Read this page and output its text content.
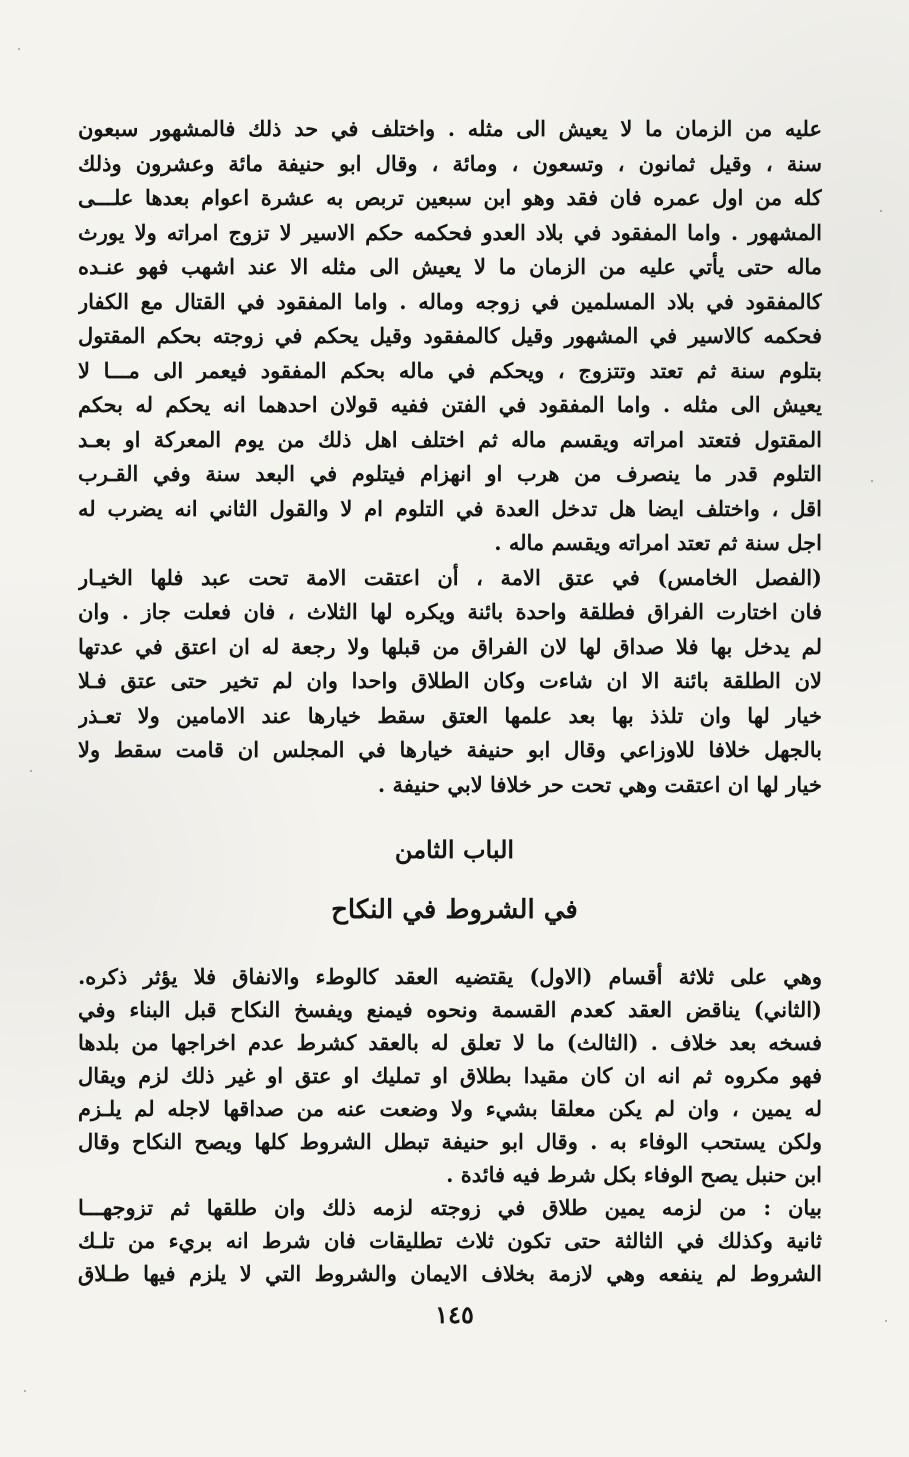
عليه من الزمان ما لا يعيش الى مثله . واختلف في حد ذلك فالمشهور سبعون
سنة ، وقيل ثمانون ، وتسعون ، ومائة ، وقال ابو حنيفة مائة وعشرون وذلك
كله من اول عمره فان فقد وهو ابن سبعين تربص به عشرة اعوام بعدها علـــى
المشهور . واما المفقود في بلاد العدو فحكمه حكم الاسير لا تزوج امراته ولا يورث
ماله حتى يأتي عليه من الزمان ما لا يعيش الى مثله الا عند اشهب فهو عنـده
كالمفقود في بلاد المسلمين في زوجه وماله . واما المفقود في القتال مع الكفار
فحكمه كالاسير في المشهور وقيل كالمفقود وقيل يحكم في زوجته بحكم المقتول
بتلوم سنة ثم تعتد وتتزوج ، ويحكم في ماله بحكم المفقود فيعمر الى مـــا لا
يعيش الى مثله . واما المفقود في الفتن ففيه قولان احدهما انه يحكم له بحكم
المقتول فتعتد امراته ويقسم ماله ثم اختلف اهل ذلك من يوم المعركة او بعـد
التلوم قدر ما ينصرف من هرب او انهزام فيتلوم في البعد سنة وفي القـرب
اقل ، واختلف ايضا هل تدخل العدة في التلوم ام لا والقول الثاني انه يضرب له
اجل سنة ثم تعتد امراته ويقسم ماله .
(الفصل الخامس) في عتق الامة ، أن اعتقت الامة تحت عبد فلها الخيـار
فان اختارت الفراق فطلقة واحدة بائنة ويكره لها الثلاث ، فان فعلت جاز . وان
لم يدخل بها فلا صداق لها لان الفراق من قبلها ولا رجعة له ان اعتق في عدتها
لان الطلقة بائنة الا ان شاءت وكان الطلاق واحدا وان لم تخير حتى عتق فـلا
خيار لها وان تلذذ بها بعد علمها العتق سقط خيارها عند الامامين ولا تعـذر
بالجهل خلافا للاوزاعي وقال ابو حنيفة خيارها في المجلس ان قامت سقط ولا
خيار لها ان اعتقت وهي تحت حر خلافا لابي حنيفة .
الباب الثامن
في الشروط في النكاح
وهي على ثلاثة أقسام (الاول) يقتضيه العقد كالوطء والانفاق فلا يؤثر ذكره.
(الثاني) يناقض العقد كعدم القسمة ونحوه فيمنع ويفسخ النكاح قبل البناء وفي
فسخه بعد خلاف . (الثالث) ما لا تعلق له بالعقد كشرط عدم اخراجها من بلدها
فهو مكروه ثم انه ان كان مقيدا بطلاق او تمليك او عتق او غير ذلك لزم ويقال
له يمين ، وان لم يكن معلقا بشيء ولا وضعت عنه من صداقها لاجله لم يلـزم
ولكن يستحب الوفاء به . وقال ابو حنيفة تبطل الشروط كلها ويصح النكاح وقال
ابن حنبل يصح الوفاء بكل شرط فيه فائدة .
بيان : من لزمه يمين طلاق في زوجته لزمه ذلك وان طلقها ثم تزوجهـــا
ثانية وكذلك في الثالثة حتى تكون ثلاث تطليقات فان شرط انه بريء من تلـك
الشروط لم ينفعه وهي لازمة بخلاف الايمان والشروط التي لا يلزم فيها طـلاق
١٤٥
